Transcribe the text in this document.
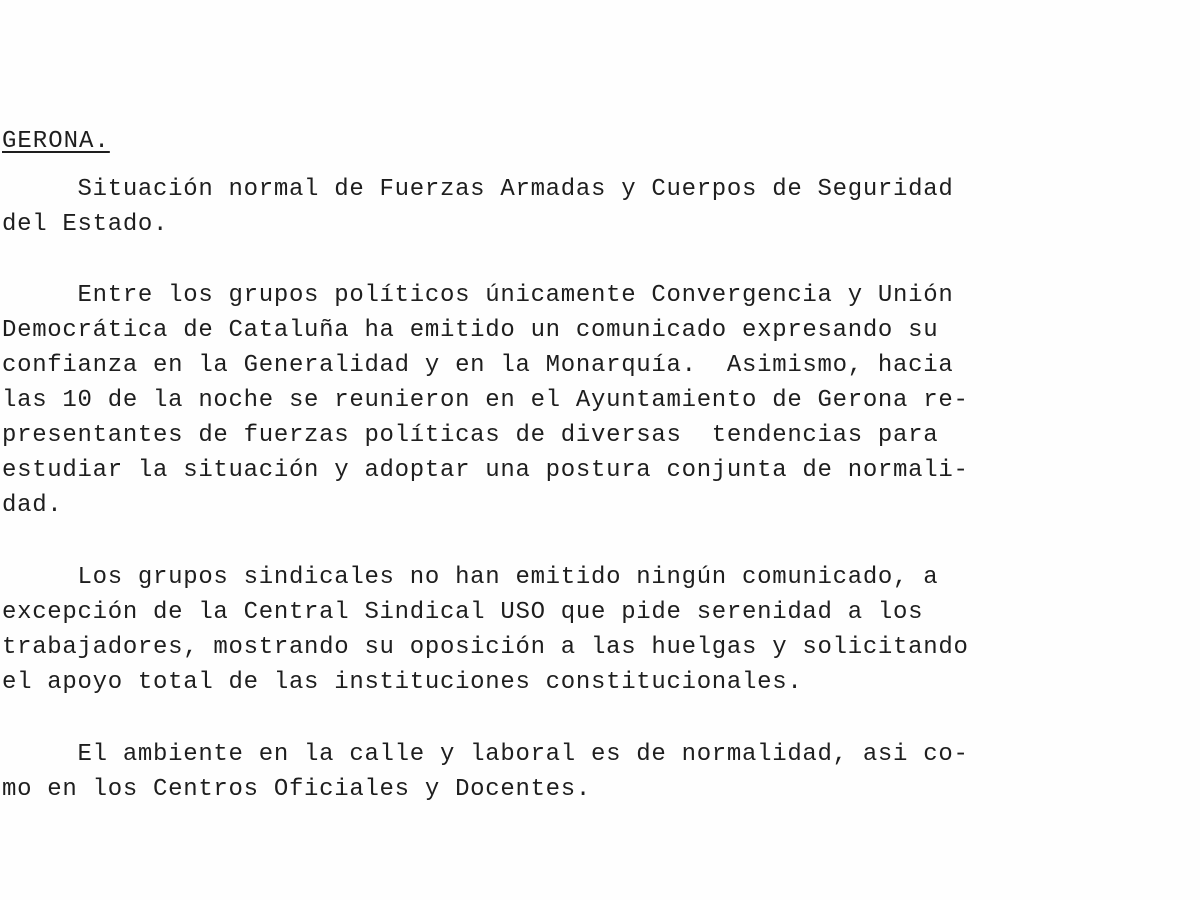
GERONA.

Situación normal de Fuerzas Armadas y Cuerpos de Seguridad
del Estado.

Entre los grupos políticos únicamente Convergencia y Unión
Democrática de Cataluña ha emitido un comunicado expresando su
confianza en la Generalidad y en la Monarquía.  Asimismo, hacia
las 10 de la noche se reunieron en el Ayuntamiento de Gerona re-
presentantes de fuerzas políticas de diversas  tendencias para
estudiar la situación y adoptar una postura conjunta de normali-
dad.

Los grupos sindicales no han emitido ningún comunicado, a
excepción de la Central Sindical USO que pide serenidad a los
trabajadores, mostrando su oposición a las huelgas y solicitando
el apoyo total de las instituciones constitucionales.

El ambiente en la calle y laboral es de normalidad, asi co-
mo en los Centros Oficiales y Docentes.
